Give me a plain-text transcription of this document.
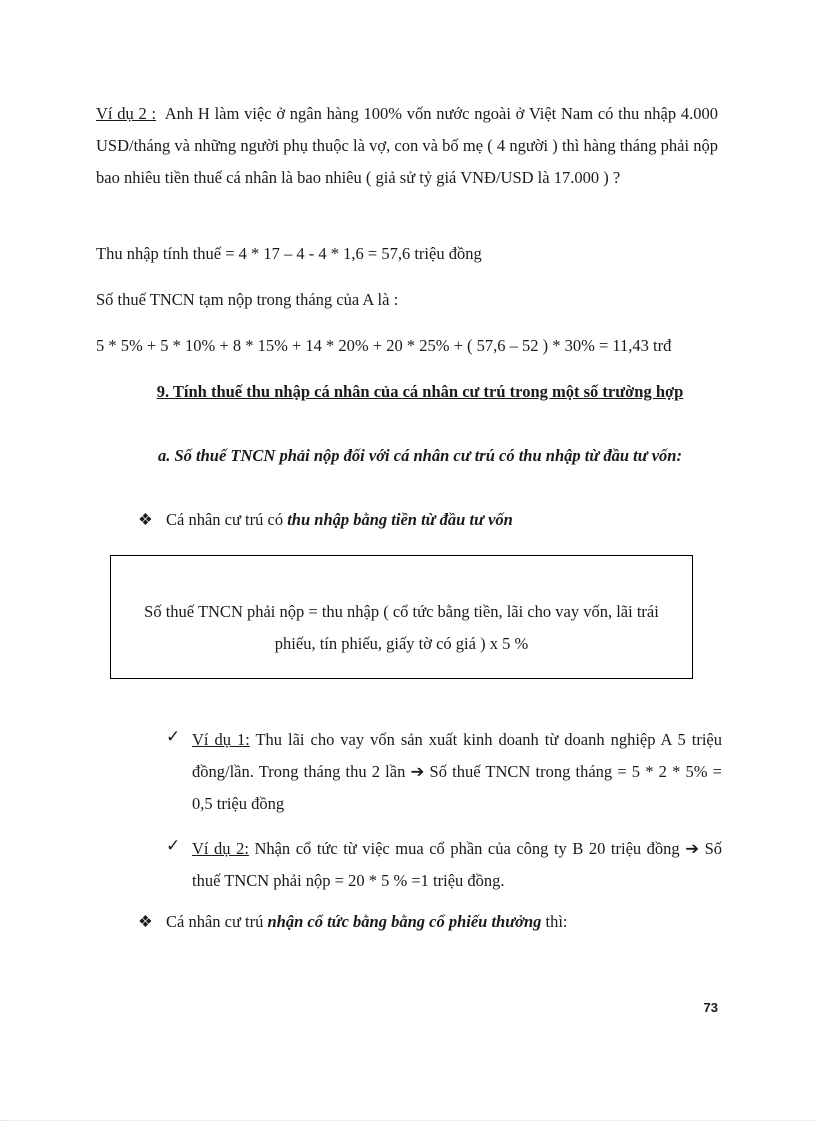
Ví dụ 2 : Anh H làm việc ở ngân hàng 100% vốn nước ngoài ở Việt Nam có thu nhập 4.000 USD/tháng và những người phụ thuộc là vợ, con và bố mẹ ( 4 người ) thì hàng tháng phải nộp bao nhiêu tiền thuế cá nhân là bao nhiêu ( giả sử tỷ giá VNĐ/USD là 17.000 ) ?
Thu nhập tính thuế = 4 * 17 – 4 - 4 * 1,6 = 57,6 triệu đồng
Số thuế TNCN tạm nộp trong tháng của A là :
5 * 5% + 5 * 10% + 8 * 15% + 14 * 20% + 20 * 25% + ( 57,6 – 52 ) * 30% = 11,43 trđ
9. Tính thuế thu nhập cá nhân của cá nhân cư trú trong một số trường hợp
a. Số thuế TNCN phải nộp đối với cá nhân cư trú có thu nhập từ đầu tư vốn:
❖ Cá nhân cư trú có thu nhập bằng tiền từ đầu tư vốn
Số thuế TNCN phải nộp = thu nhập ( cổ tức bằng tiền, lãi cho vay vốn, lãi trái
phiếu, tín phiếu, giấy tờ có giá ) x 5 %
✓ Ví dụ 1: Thu lãi cho vay vốn sản xuất kinh doanh từ doanh nghiệp A 5 triệu đồng/lần. Trong tháng thu 2 lần ➔ Số thuế TNCN trong tháng = 5 * 2 * 5% = 0,5 triệu đồng
✓ Ví dụ 2: Nhận cổ tức từ việc mua cổ phần của công ty B 20 triệu đồng ➔ Số thuế TNCN phải nộp = 20 * 5 % =1 triệu đồng.
❖ Cá nhân cư trú nhận cổ tức bằng bằng cổ phiếu thưởng thì:
73
